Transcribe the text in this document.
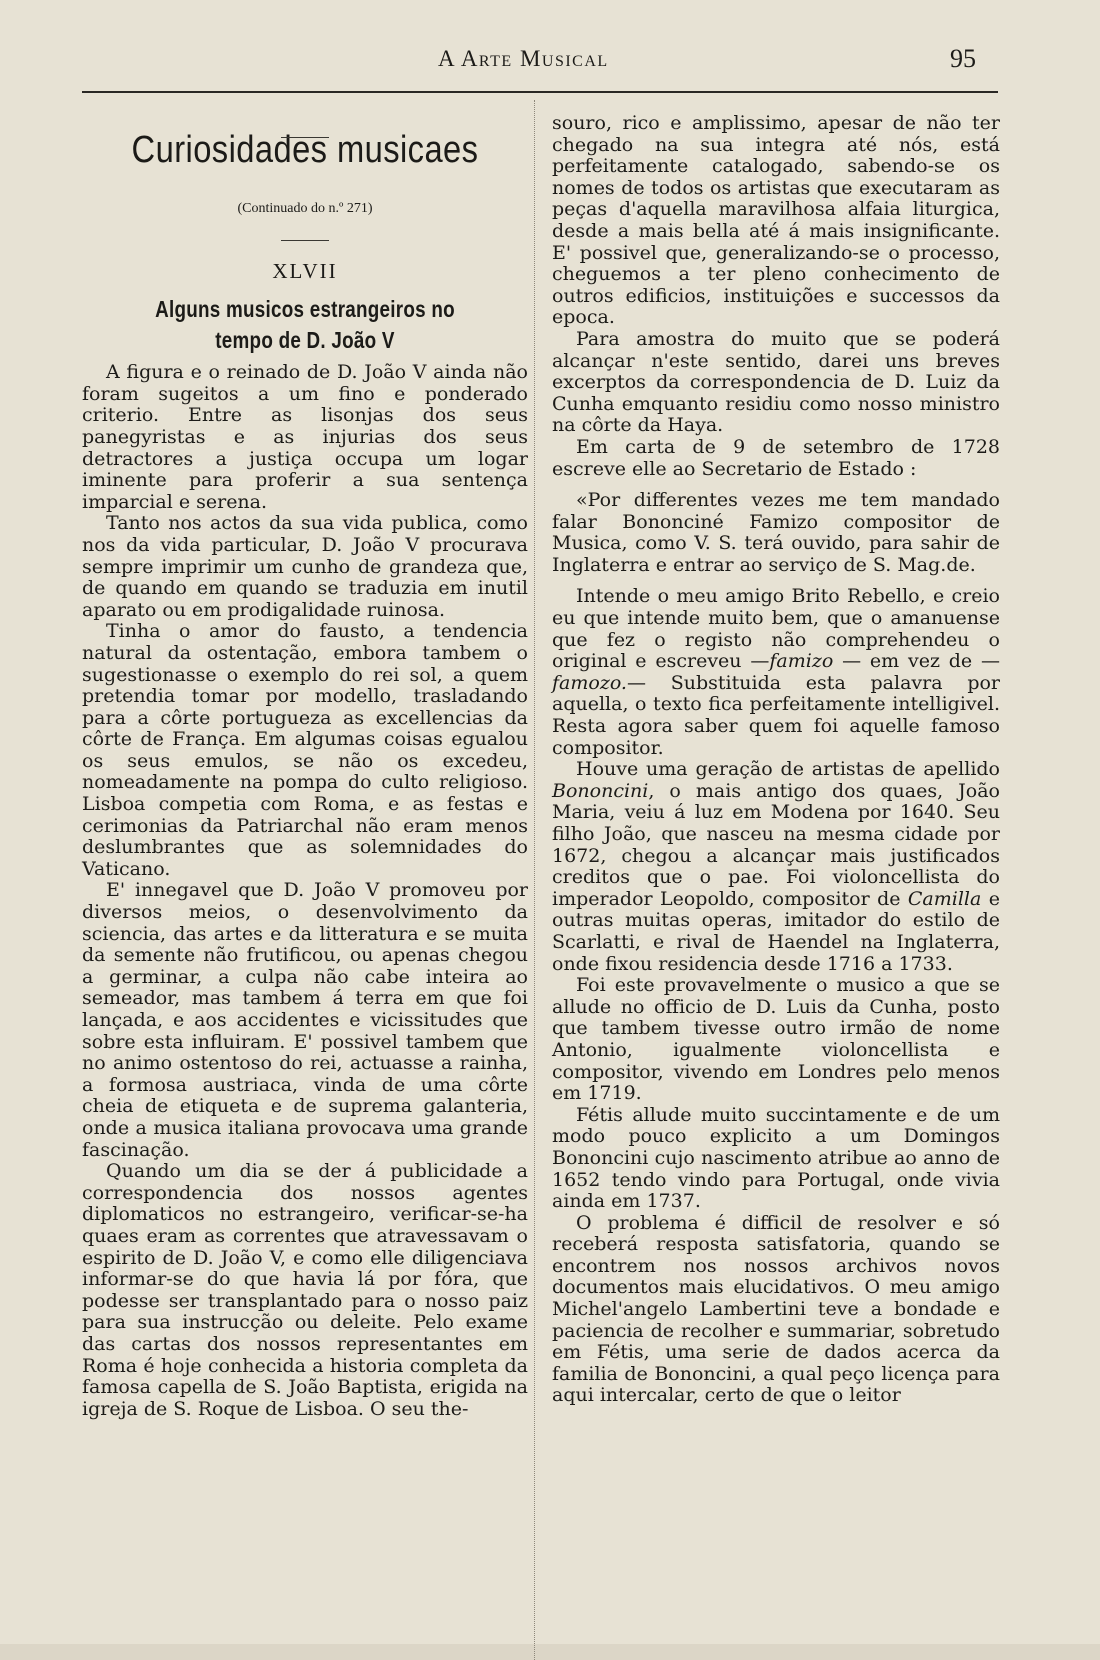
A Arte Musical	95
Curiosidades musicaes
(Continuado do n.º 271)
XLVII
Alguns musicos estrangeiros no tempo de D. João V

A figura e o reinado de D. João V ainda não foram sugeitos a um fino e ponderado criterio. Entre as lisonjas dos seus panegyristas e as injurias dos seus detractores a justiça occupa um logar iminente para proferir a sua sentença imparcial e serena.

Tanto nos actos da sua vida publica, como nos da vida particular, D. João V procurava sempre imprimir um cunho de grandeza que, de quando em quando se traduzia em inutil aparato ou em prodigalidade ruinosa.

Tinha o amor do fausto, a tendencia natural da ostentação, embora tambem o sugestionasse o exemplo do rei sol, a quem pretendia tomar por modello, trasladando para a côrte portugueza as excellencias da côrte de França. Em algumas coisas egualou os seus emulos, se não os excedeu, nomeadamente na pompa do culto religioso. Lisboa competia com Roma, e as festas e cerimonias da Patriarchal não eram menos deslumbrantes que as solemnidades do Vaticano.

E' innegavel que D. João V promoveu por diversos meios, o desenvolvimento da sciencia, das artes e da litteratura e se muita da semente não frutificou, ou apenas chegou a germinar, a culpa não cabe inteira ao semeador, mas tambem á terra em que foi lançada, e aos accidentes e vicissitudes que sobre esta influiram. E' possivel tambem que no animo ostentoso do rei, actuasse a rainha, a formosa austriaca, vinda de uma côrte cheia de etiqueta e de suprema galanteria, onde a musica italiana provocava uma grande fascinação.

Quando um dia se der á publicidade a correspondencia dos nossos agentes diplomaticos no estrangeiro, verificar-se-ha quaes eram as correntes que atravessavam o espirito de D. João V, e como elle diligenciava informar-se do que havia lá por fóra, que podesse ser transplantado para o nosso paiz para sua instrucção ou deleite. Pelo exame das cartas dos nossos representantes em Roma é hoje conhecida a historia completa da famosa capella de S. João Baptista, erigida na igreja de S. Roque de Lisboa. O seu the-

souro, rico e amplissimo, apesar de não ter chegado na sua integra até nós, está perfeitamente catalogado, sabendo-se os nomes de todos os artistas que executaram as peças d'aquella maravilhosa alfaia liturgica, desde a mais bella até á mais insignificante. E' possivel que, generalizando-se o processo, cheguemos a ter pleno conhecimento de outros edificios, instituições e successos da epoca.

Para amostra do muito que se poderá alcançar n'este sentido, darei uns breves excerptos da correspondencia de D. Luiz da Cunha emquanto residiu como nosso ministro na côrte da Haya.

Em carta de 9 de setembro de 1728 escreve elle ao Secretario de Estado :

«Por differentes vezes me tem mandado falar Bononciné Famizo compositor de Musica, como V. S. terá ouvido, para sahir de Inglaterra e entrar ao serviço de S. Mag.de.

Intende o meu amigo Brito Rebello, e creio eu que intende muito bem, que o amanuense que fez o registo não comprehendeu o original e escreveu —famizo — em vez de —famozo.— Substituida esta palavra por aquella, o texto fica perfeitamente intelligivel. Resta agora saber quem foi aquelle famoso compositor.

Houve uma geração de artistas de apellido Bononcini, o mais antigo dos quaes, João Maria, veiu á luz em Modena por 1640. Seu filho João, que nasceu na mesma cidade por 1672, chegou a alcançar mais justificados creditos que o pae. Foi violoncellista do imperador Leopoldo, compositor de Camilla e outras muitas operas, imitador do estilo de Scarlatti, e rival de Haendel na Inglaterra, onde fixou residencia desde 1716 a 1733.

Foi este provavelmente o musico a que se allude no officio de D. Luis da Cunha, posto que tambem tivesse outro irmão de nome Antonio, igualmente violoncellista e compositor, vivendo em Londres pelo menos em 1719.

Fétis allude muito succintamente e de um modo pouco explicito a um Domingos Bononcini cujo nascimento atribue ao anno de 1652 tendo vindo para Portugal, onde vivia ainda em 1737.

O problema é difficil de resolver e só receberá resposta satisfatoria, quando se encontrem nos nossos archivos novos documentos mais elucidativos. O meu amigo Michel'angelo Lambertini teve a bondade e paciencia de recolher e summariar, sobretudo em Fétis, uma serie de dados acerca da familia de Bononcini, a qual peço licença para aqui intercalar, certo de que o leitor
